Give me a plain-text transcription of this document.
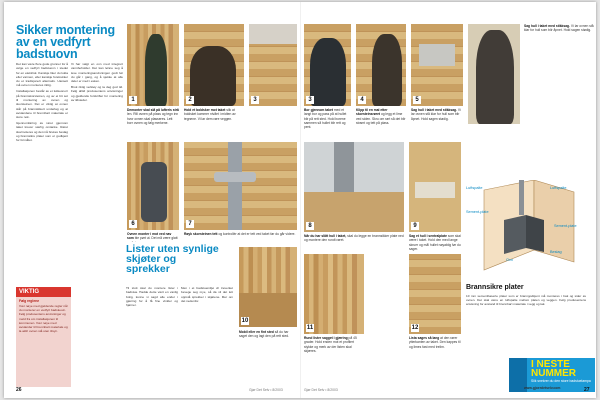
Sikker montering av en vedfyrt badstuovn

Det kan være flere gode grunner for å velge en vedfyrt badstuovn i stedet for en elektrisk. Kanskje liker du lukta eller varmen, eller kanskje foretrekker du et tradisjonelt alternativ. Uansett må ovnen monteres riktig.

Installasjonen består av et lukkesnorr på brannskorsteinen, og av ei bit sot til montering av ovnen og skorsteinen. Det er viktig at ovnen står på brannsikkert underlag og at avstandene til brennbart materiale er store nok.

Gjennomføring av røret gjennom taket krever særlig omtanke. Røret skal isoleres og det må brukes beslag og brannsikre plater som er godkjent for formålet.

Vi har valgt en ovn med integrert vannbeholder. Det kan lønne seg å lese monteringsanvisningen godt før du går i gang, og å sjekke at alle deler er med i esken.

Bruk riktig verktøy og ta deg god tid. Følg alltid produsentens anvisninger og gjeldende forskrifter for montering av ildsteder.

VIKTIG
Følg reglene
Vær nøye med gjeldende regler når du monterer en vedfyrt badstuovn. Følg produsentens anvisninger og meld fra om installasjonen til kommunen. Vær nøye med avstander til brennbart materiale og la aldri ovnen stå uten tilsyn.
Lister uten synlige skjøter og sprekker

Til slutt skal du montere lister i badstua. Hadde dette vært en vanlig bolig, kunne vi sagd alle ender i gjæring for å få fine vinkler og hjørner.

Men i et badstuemiljø vil treverket bevege seg mye, så da vil det lett oppstå sprekker i skjøtene. Mer om det nedenfor.

1
Demonter skal slå på lufteris strå len. Rill ovnen på plass og tegn inn hvor ovnen skal plasseres. Lett borr ovnen og følg merkene.
2
Hold et boldsker mot taket slik at boldsket kommer nivået i midten av tegnene. Vi lar dem røre veggen.
3
6
Ovnen monter i mot ved nav som ble pørt ut. Det må være glatt
7
Røyk skorsteinen tett og kontrollér at det er tett ved taket før du går videre.
10
Mobil eller en fint sted så du har saget den og lagt den på rett sted.
Gjør Det Selv • 8/2003
26
3
Bor gjennom taket med et langt bor og pass på at hullet blir på rett sted. Hold borene sammen så hullet blir rett og pent.
4
Klipp til en mal etter skorsteinsrøret og legg et lime ved siden. Skru om rørt så det blir stramt og tett på plass.
5
Sag hull i taket med stikksag. Vi lar ovnen stå klar for hull som blir åpnet. Hold sagen stødig.
Sag hull i taket med stikksag. Vi lar ovnen stå klar for hull som blir åpnet. Hold sagen stødig.
8
Når du har slått hull i taket, skal du legge en brannsikker plate ned og montere den rundt røret.
9
Sag et hull i sentralplate som skal være i taket. Hold den med lange skruer og mål hullet nøyaktig før du sager.
11
Rund lister sagget i gjæring på 45 grader. Hold enden mot et profilert stykke og merk av der listen skal skjæres.
12
Lista sages så lang at den rører ytterkanten av taket. Den kappes til og limes fast med trelim.
Luftspalte
Sement-plate
Luftspalte
Ovn
Sement-plate
Beslag
Brannsikre plater
10 mm sementbaserte plater som er branngodkjent må monteres i bak og sider av ovnen. Det skal være en luftspalte mellom platen og veggen. Følg produsentens anvisning for avstand til brennbart materiale i vegg og tak.
I NESTE NUMMER
Slik snekrer du den store badstuelampa
Gjør Det Selv • 8/2003	www.gjoerdetselv.com	27
